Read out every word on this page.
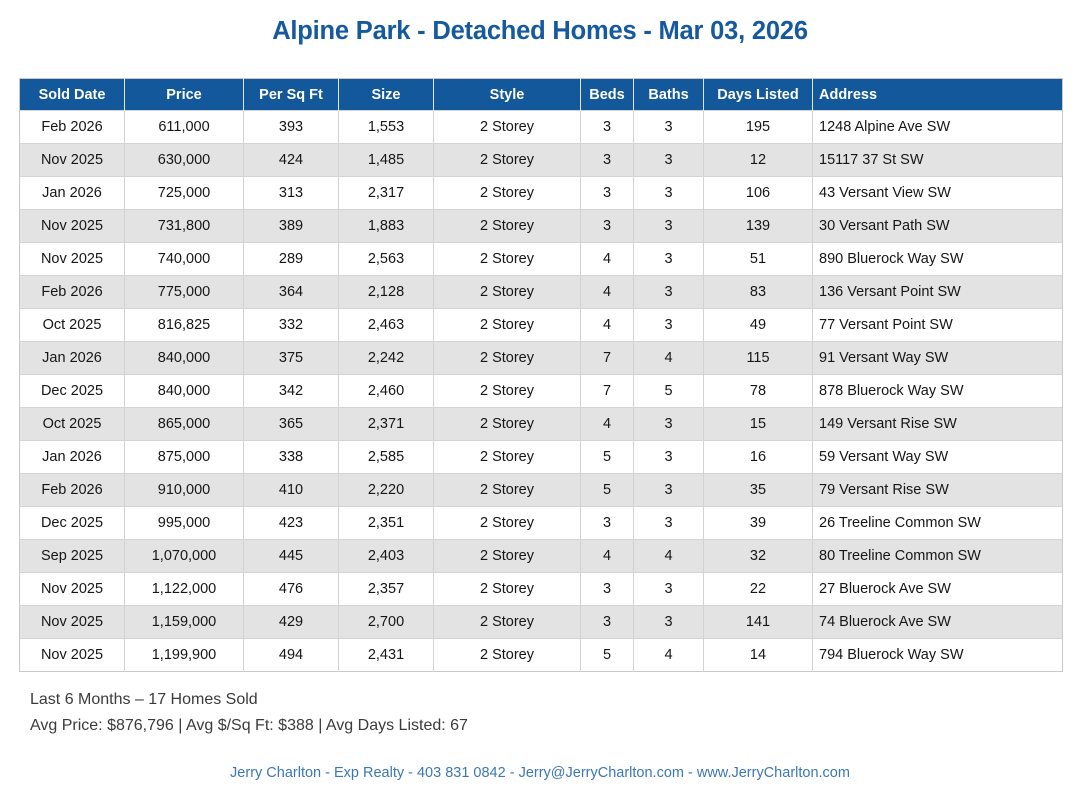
Alpine Park - Detached Homes - Mar 03, 2026
Sold Date	Price	Per Sq Ft	Size	Style	Beds	Baths	Days Listed	Address
Feb 2026	611,000	393	1,553	2 Storey	3	3	195	1248 Alpine Ave SW
Nov 2025	630,000	424	1,485	2 Storey	3	3	12	15117 37 St SW
Jan 2026	725,000	313	2,317	2 Storey	3	3	106	43 Versant View SW
Nov 2025	731,800	389	1,883	2 Storey	3	3	139	30 Versant Path SW
Nov 2025	740,000	289	2,563	2 Storey	4	3	51	890 Bluerock Way SW
Feb 2026	775,000	364	2,128	2 Storey	4	3	83	136 Versant Point SW
Oct 2025	816,825	332	2,463	2 Storey	4	3	49	77 Versant Point SW
Jan 2026	840,000	375	2,242	2 Storey	7	4	115	91 Versant Way SW
Dec 2025	840,000	342	2,460	2 Storey	7	5	78	878 Bluerock Way SW
Oct 2025	865,000	365	2,371	2 Storey	4	3	15	149 Versant Rise SW
Jan 2026	875,000	338	2,585	2 Storey	5	3	16	59 Versant Way SW
Feb 2026	910,000	410	2,220	2 Storey	5	3	35	79 Versant Rise SW
Dec 2025	995,000	423	2,351	2 Storey	3	3	39	26 Treeline Common SW
Sep 2025	1,070,000	445	2,403	2 Storey	4	4	32	80 Treeline Common SW
Nov 2025	1,122,000	476	2,357	2 Storey	3	3	22	27 Bluerock Ave SW
Nov 2025	1,159,000	429	2,700	2 Storey	3	3	141	74 Bluerock Ave SW
Nov 2025	1,199,900	494	2,431	2 Storey	5	4	14	794 Bluerock Way SW
Last 6 Months – 17 Homes Sold
Avg Price: $876,796 | Avg $/Sq Ft: $388 | Avg Days Listed: 67
Jerry Charlton - Exp Realty - 403 831 0842 - Jerry@JerryCharlton.com - www.JerryCharlton.com
